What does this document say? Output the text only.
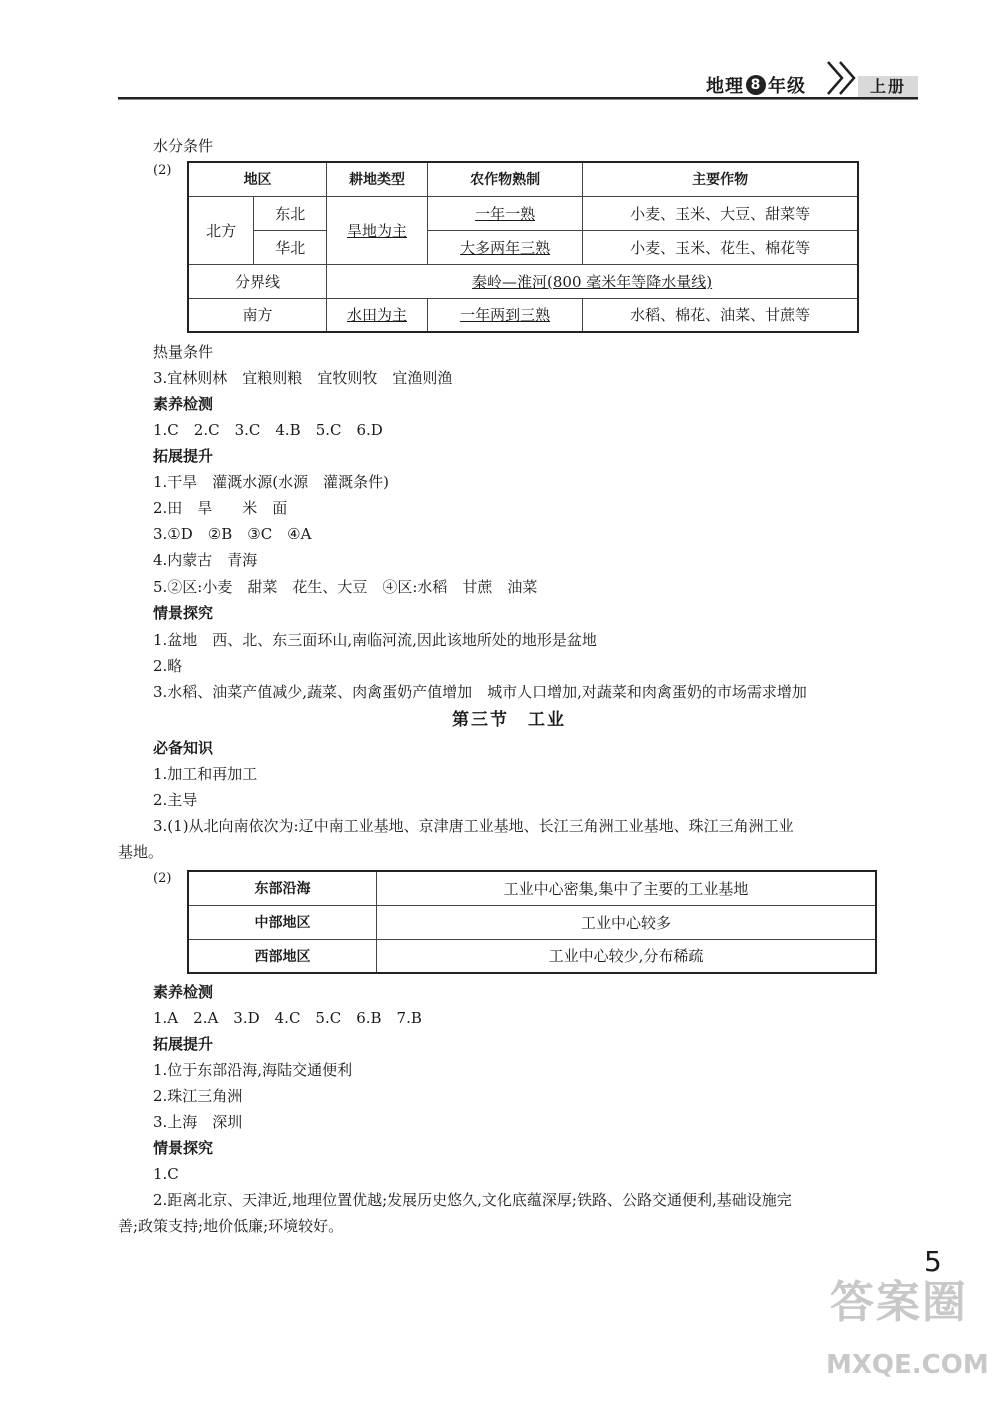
地理 8 年级	上册
水分条件
(2)
地区		耕地类型	农作物熟制	主要作物
北方	东北	旱地为主	一年一熟	小麦、玉米、大豆、甜菜等
	华北		大多两年三熟	小麦、玉米、花生、棉花等
分界线		秦岭—淮河(800 毫米年等降水量线)		
南方		水田为主	一年两到三熟	水稻、棉花、油菜、甘蔗等
热量条件
3.宜林则林　宜粮则粮　宜牧则牧　宜渔则渔
素养检测
1.C　2.C　3.C　4.B　5.C　6.D
拓展提升
1.干旱　灌溉水源(水源　灌溉条件)
2.田　旱　　米　面
3.①D　②B　③C　④A
4.内蒙古　青海
5.②区:小麦　甜菜　花生、大豆　④区:水稻　甘蔗　油菜
情景探究
1.盆地　西、北、东三面环山,南临河流,因此该地所处的地形是盆地
2.略
3.水稻、油菜产值减少,蔬菜、肉禽蛋奶产值增加　城市人口增加,对蔬菜和肉禽蛋奶的市场需求增加
第三节　工业
必备知识
1.加工和再加工
2.主导
3.(1)从北向南依次为:辽中南工业基地、京津唐工业基地、长江三角洲工业基地、珠江三角洲工业
基地。
(2)
东部沿海	工业中心密集,集中了主要的工业基地
中部地区	工业中心较多
西部地区	工业中心较少,分布稀疏
素养检测
1.A　2.A　3.D　4.C　5.C　6.B　7.B
拓展提升
1.位于东部沿海,海陆交通便利
2.珠江三角洲
3.上海　深圳
情景探究
1.C
2.距离北京、天津近,地理位置优越;发展历史悠久,文化底蕴深厚;铁路、公路交通便利,基础设施完
善;政策支持;地价低廉;环境较好。
5
答案圈
MXQE.COM
